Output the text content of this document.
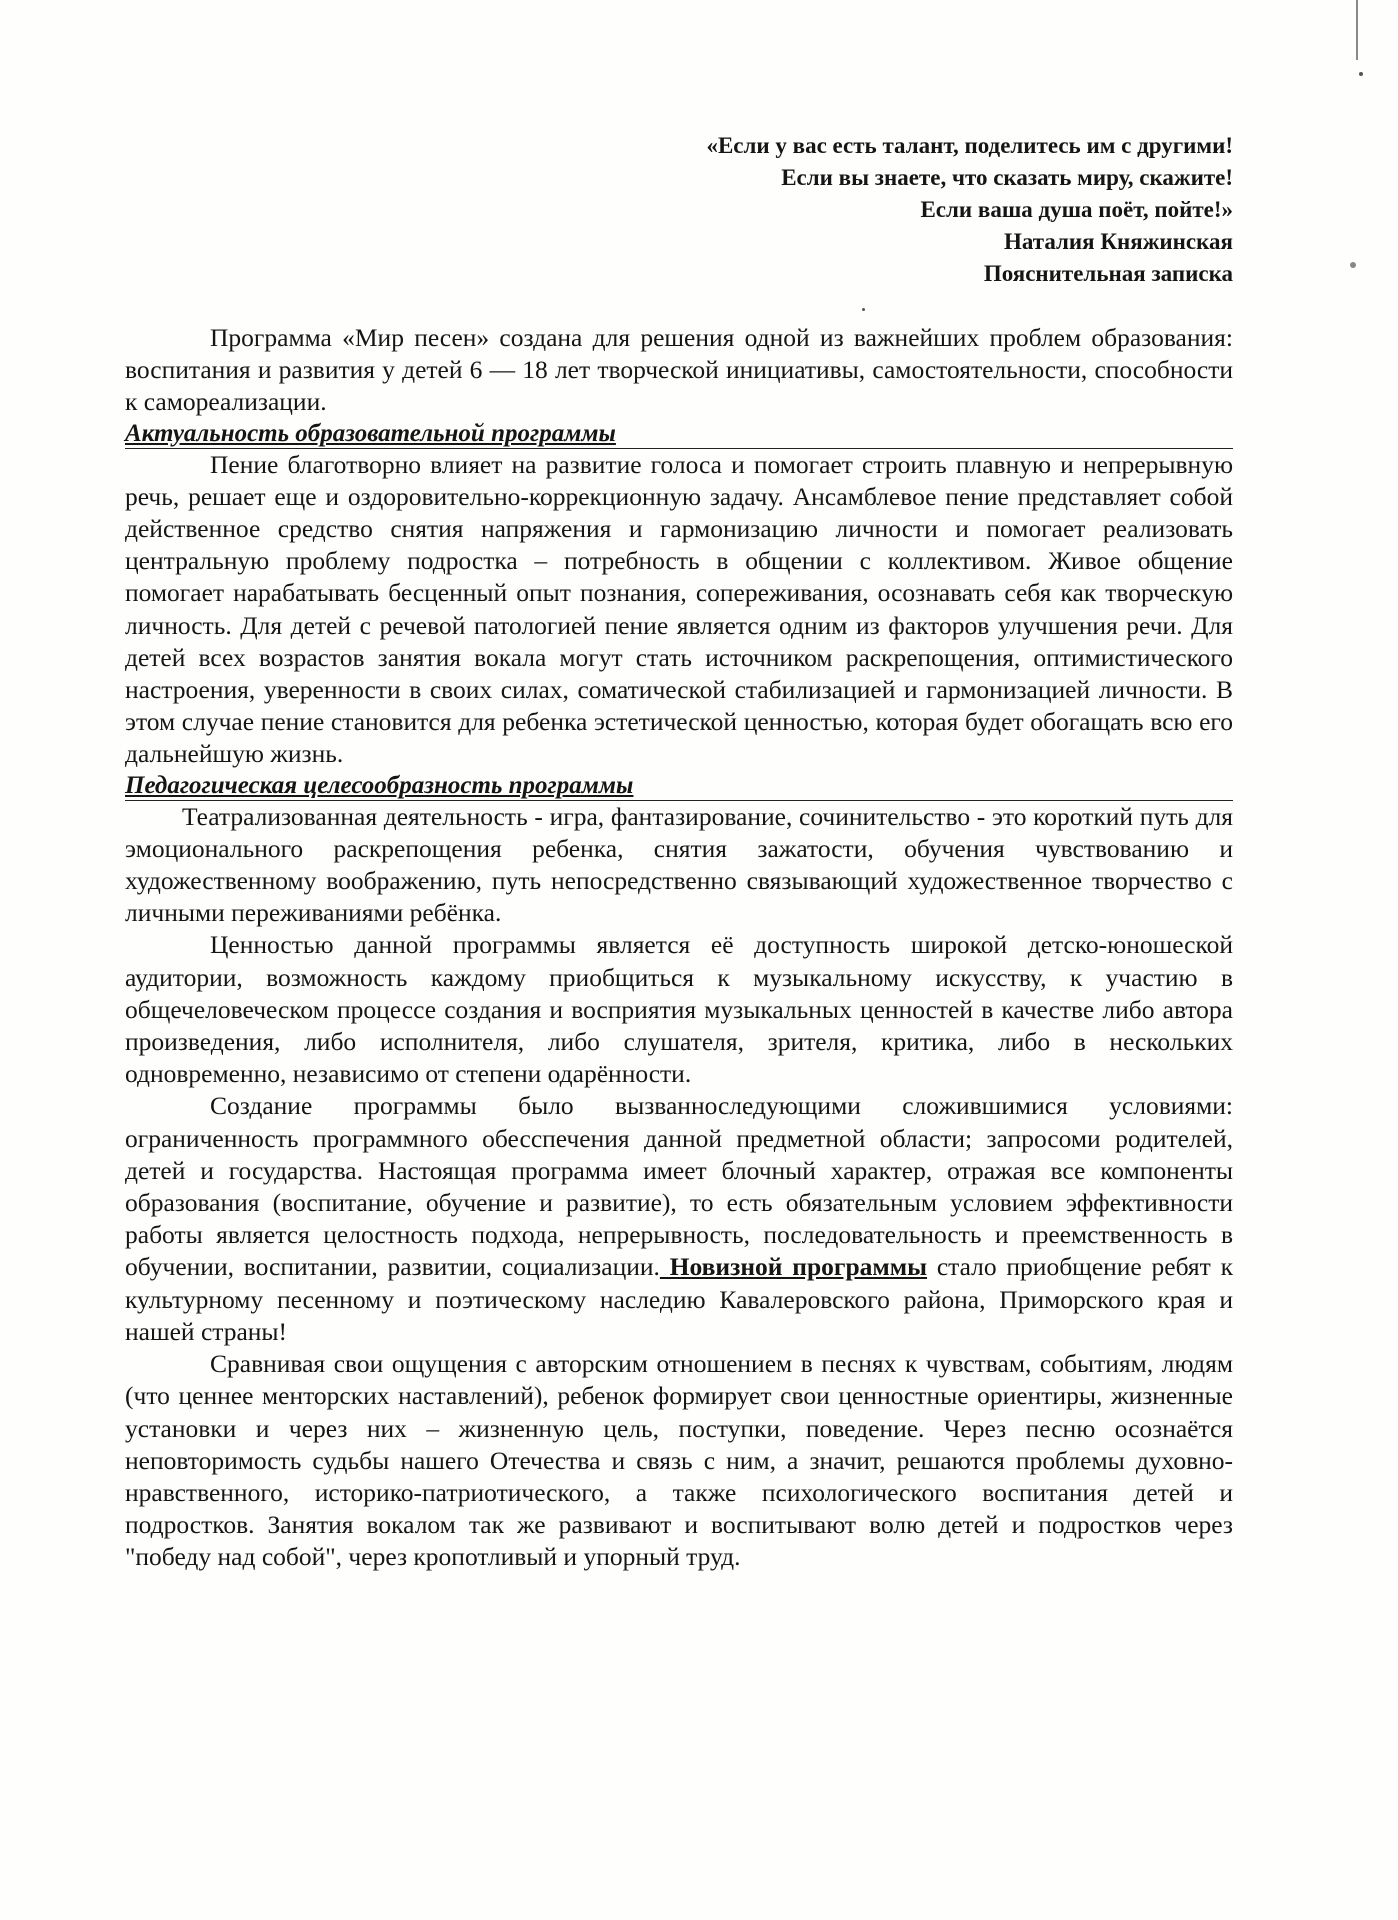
«Если у вас есть талант, поделитесь им с другими!
Если вы знаете, что сказать миру, скажите!
Если ваша душа поёт, пойте!»
Наталия Княжинская
Пояснительная записка

Программа «Мир песен» создана для решения одной из важнейших проблем образования: воспитания и развития у детей 6 — 18 лет творческой инициативы, самостоятельности, способности к самореализации.

Актуальность образовательной программы

Пение благотворно влияет на развитие голоса и помогает строить плавную и непрерывную речь, решает еще и оздоровительно-коррекционную задачу. Ансамблевое пение представляет собой действенное средство снятия напряжения и гармонизацию личности и помогает реализовать центральную проблему подростка – потребность в общении с коллективом. Живое общение помогает нарабатывать бесценный опыт познания, сопереживания, осознавать себя как творческую личность. Для детей с речевой патологией пение является одним из факторов улучшения речи. Для детей всех возрастов занятия вокала могут стать источником раскрепощения, оптимистического настроения, уверенности в своих силах, соматической стабилизацией и гармонизацией личности. В этом случае пение становится для ребенка эстетической ценностью, которая будет обогащать всю его дальнейшую жизнь.

Педагогическая целесообразность программы

Театрализованная деятельность - игра, фантазирование, сочинительство - это короткий путь для эмоционального раскрепощения ребенка, снятия зажатости, обучения чувствованию и художественному воображению, путь непосредственно связывающий художественное творчество с личными переживаниями ребёнка.

Ценностью данной программы является её доступность широкой детско-юношеской аудитории, возможность каждому приобщиться к музыкальному искусству, к участию в общечеловеческом процессе создания и восприятия музыкальных ценностей в качестве либо автора произведения, либо исполнителя, либо слушателя, зрителя, критика, либо в нескольких одновременно, независимо от степени одарённости.

Создание программы было вызванноследующими сложившимися условиями: ограниченность программного обесспечения данной предметной области; запросоми родителей, детей и государства. Настоящая программа имеет блочный характер, отражая все компоненты образования (воспитание, обучение и развитие), то есть обязательным условием эффективности работы является целостность подхода, непрерывность, последовательность и преемственность в обучении, воспитании, развитии, социализации. Новизной программы стало приобщение ребят к культурному песенному и поэтическому наследию Кавалеровского района, Приморского края и нашей страны!

Сравнивая свои ощущения с авторским отношением в песнях к чувствам, событиям, людям (что ценнее менторских наставлений), ребенок формирует свои ценностные ориентиры, жизненные установки и через них – жизненную цель, поступки, поведение. Через песню осознаётся неповторимость судьбы нашего Отечества и связь с ним, а значит, решаются проблемы духовно- нравственного, историко-патриотического, а также психологического воспитания детей и подростков. Занятия вокалом так же развивают и воспитывают волю детей и подростков через "победу над собой", через кропотливый и упорный труд.
